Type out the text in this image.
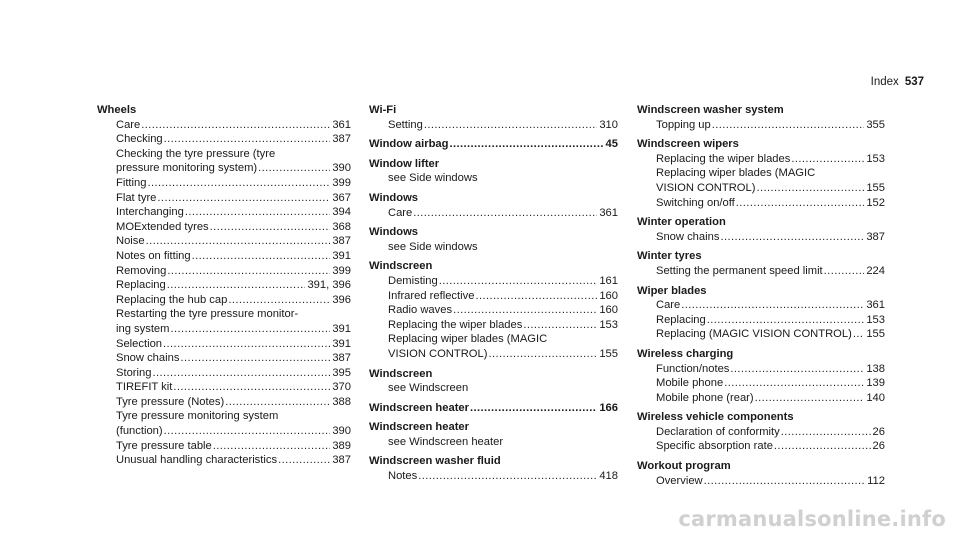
Index 537
Wheels
Care .....	361
Checking .....	387
Checking the tyre pressure (tyre
pressure monitoring system) .....	390
Fitting .....	399
Flat tyre .....	367
Interchanging .....	394
MOExtended tyres .....	368
Noise .....	387
Notes on fitting .....	391
Removing .....	399
Replacing .....	391, 396
Replacing the hub cap .....	396
Restarting the tyre pressure monitor-
ing system .....	391
Selection .....	391
Snow chains .....	387
Storing .....	395
TIREFIT kit .....	370
Tyre pressure (Notes) .....	388
Tyre pressure monitoring system
(function) .....	390
Tyre pressure table .....	389
Unusual handling characteristics .....	387
Wi-Fi
Setting .....	310
Window airbag .....	45
Window lifter
see Side windows
Windows
Care .....	361
Windows
see Side windows
Windscreen
Demisting .....	161
Infrared reflective .....	160
Radio waves .....	160
Replacing the wiper blades .....	153
Replacing wiper blades (MAGIC
VISION CONTROL) .....	155
Windscreen
see Windscreen
Windscreen heater .....	166
Windscreen heater
see Windscreen heater
Windscreen washer fluid
Notes .....	418
Windscreen washer system
Topping up .....	355
Windscreen wipers
Replacing the wiper blades .....	153
Replacing wiper blades (MAGIC
VISION CONTROL) .....	155
Switching on/off .....	152
Winter operation
Snow chains .....	387
Winter tyres
Setting the permanent speed limit .....	224
Wiper blades
Care .....	361
Replacing .....	153
Replacing (MAGIC VISION CONTROL) ..... 155
Wireless charging
Function/notes .....	138
Mobile phone .....	139
Mobile phone (rear) .....	140
Wireless vehicle components
Declaration of conformity .....	26
Specific absorption rate .....	26
Workout program
Overview .....	112
carmanualsonline.info
